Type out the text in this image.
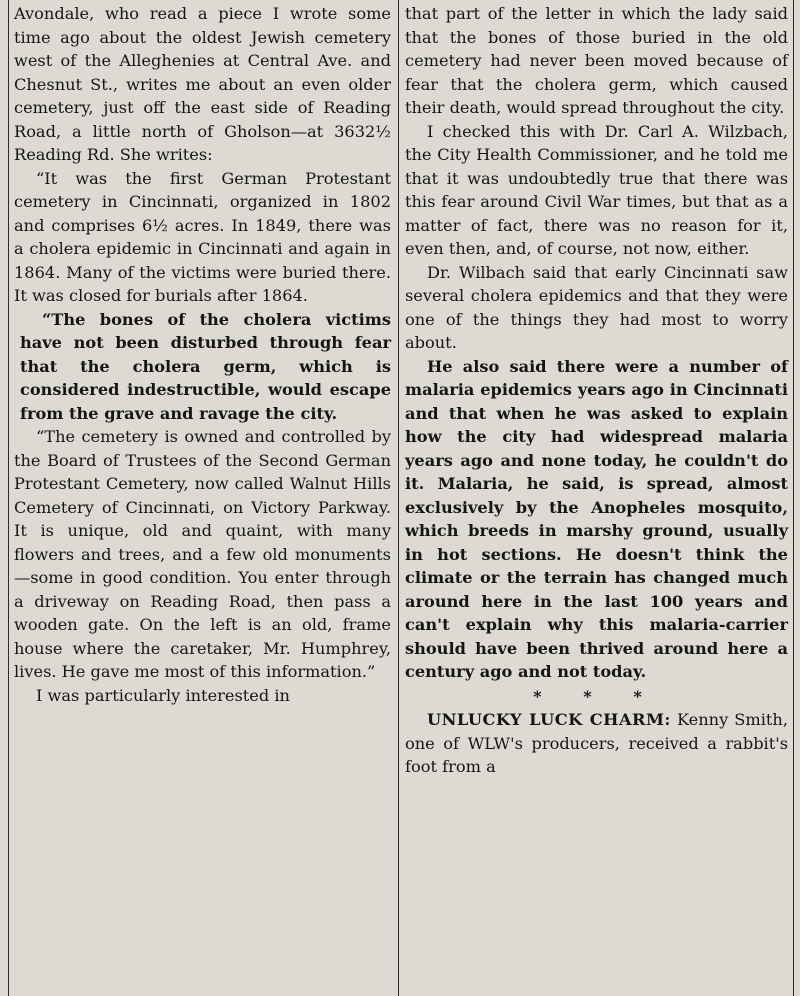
Avondale, who read a piece I wrote some time ago about the oldest Jewish cemetery west of the Alleghenies at Central Ave. and Chesnut St., writes me about an even older cemetery, just off the east side of Reading Road, a little north of Gholson—at 3632½ Reading Rd. She writes:

“It was the first German Protestant cemetery in Cincinnati, organized in 1802 and comprises 6½ acres. In 1849, there was a cholera epidemic in Cincinnati and again in 1864. Many of the victims were buried there. It was closed for burials after 1864.

“The bones of the cholera victims have not been disturbed through fear that the cholera germ, which is considered indestructible, would escape from the grave and ravage the city.

“The cemetery is owned and controlled by the Board of Trustees of the Second German Protestant Cemetery, now called Walnut Hills Cemetery of Cincinnati, on Victory Parkway. It is unique, old and quaint, with many flowers and trees, and a few old monuments—some in good condition. You enter through a driveway on Reading Road, then pass a wooden gate. On the left is an old, frame house where the caretaker, Mr. Humphrey, lives. He gave me most of this information.”

I was particularly interested in

that part of the letter in which the lady said that the bones of those buried in the old cemetery had never been moved because of fear that the cholera germ, which caused their death, would spread throughout the city.

I checked this with Dr. Carl A. Wilzbach, the City Health Commissioner, and he told me that it was undoubtedly true that there was this fear around Civil War times, but that as a matter of fact, there was no reason for it, even then, and, of course, not now, either.

Dr. Wilbach said that early Cincinnati saw several cholera epidemics and that they were one of the things they had most to worry about.

He also said there were a number of malaria epidemics years ago in Cincinnati and that when he was asked to explain how the city had widespread malaria years ago and none today, he couldn't do it. Malaria, he said, is spread, almost exclusively by the Anopheles mosquito, which breeds in marshy ground, usually in hot sections. He doesn't think the climate or the terrain has changed much around here in the last 100 years and can't explain why this malaria-carrier should have been thrived around here a century ago and not today.

* * *

UNLUCKY LUCK CHARM: Kenny Smith, one of WLW's producers, received a rabbit's foot from a
